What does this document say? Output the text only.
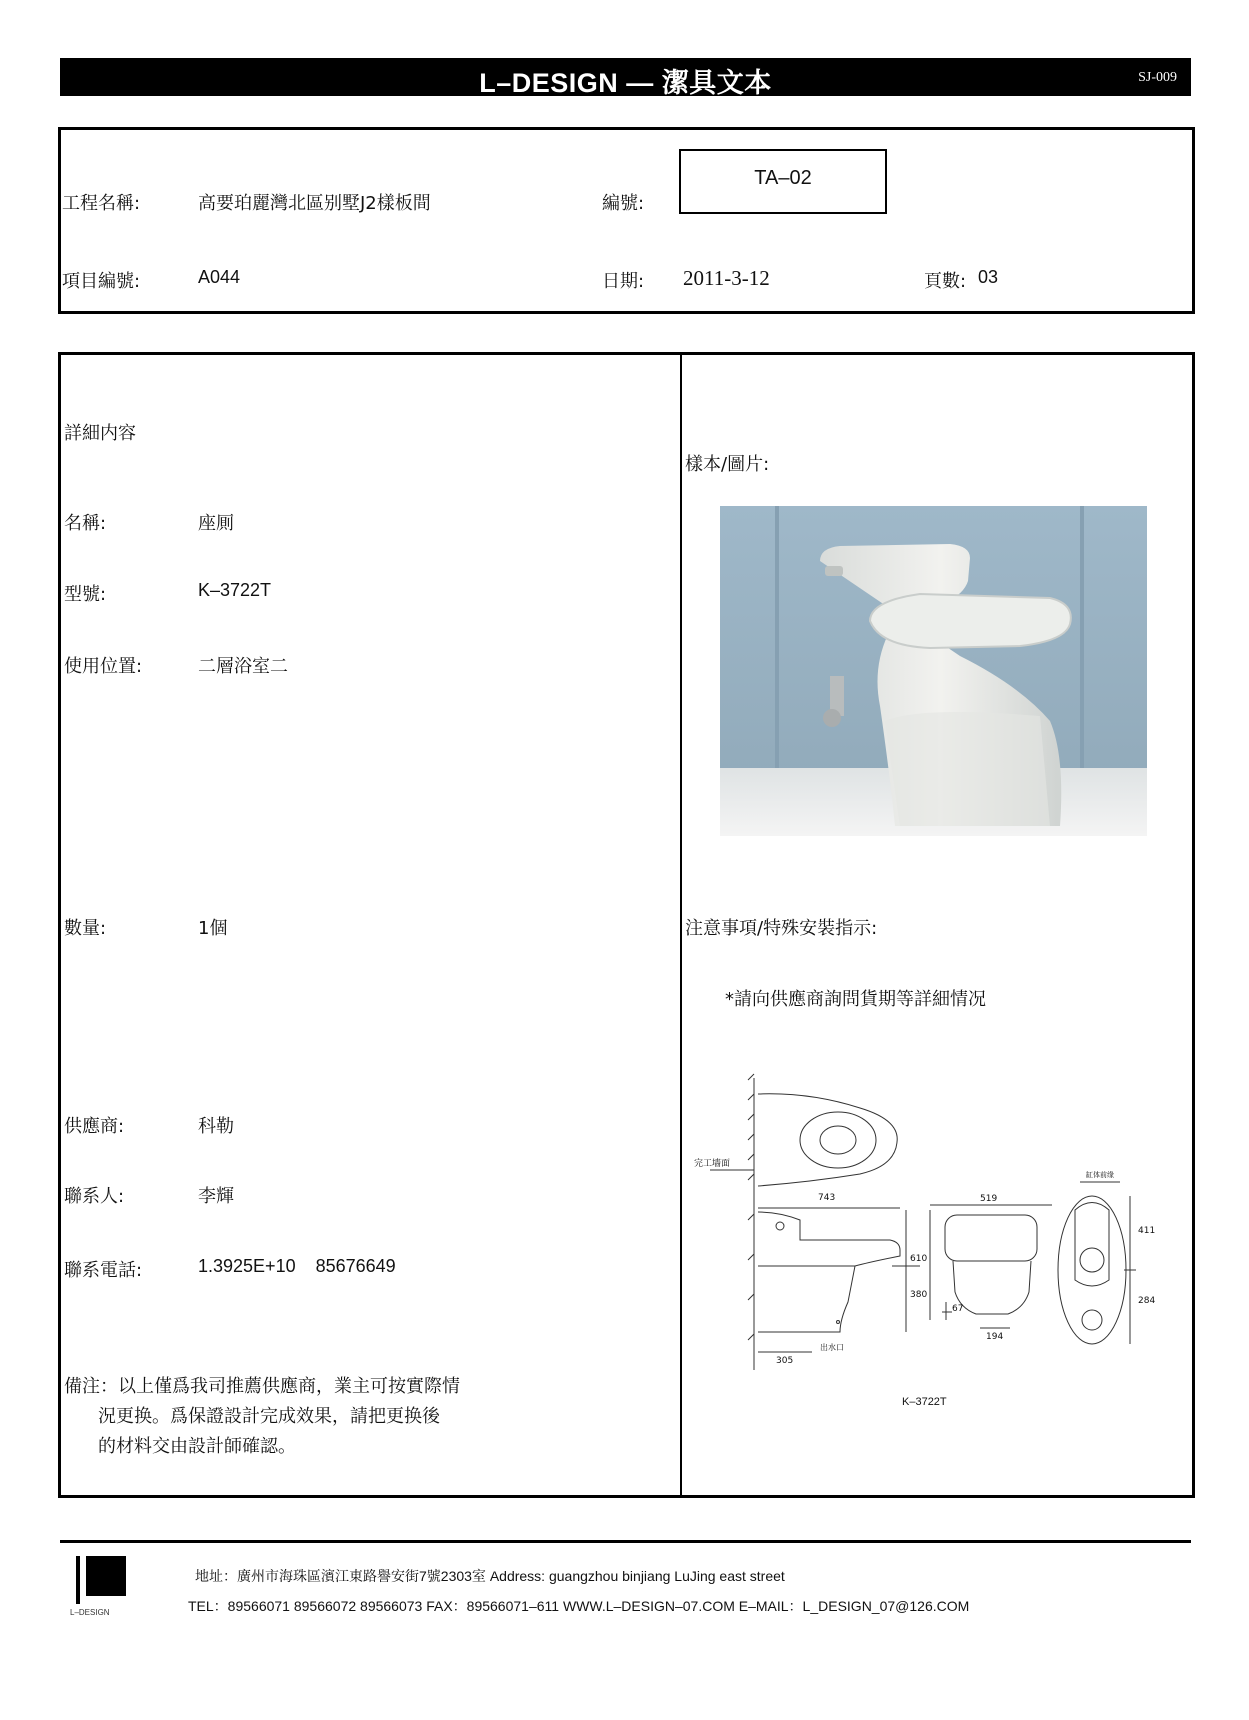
L–DESIGN — 潔具文本	SJ-009
工程名稱:	高要珀麗灣北區别墅J2樣板間	編號:
TA–02
項目編號:	A044	日期: 2011-3-12	頁數: 03
詳細内容
名稱:	座厠
型號:	K–3722T
使用位置:	二層浴室二
數量:	1個
供應商:	科勒
聯系人:	李輝
聯系電話:	1.3925E+10    85676649
備注：以上僅爲我司推薦供應商，業主可按實際情
況更换。爲保證設計完成效果，請把更换後
的材料交由設計師確認。
樣本/圖片:
注意事項/特殊安裝指示:
*請向供應商詢問貨期等詳細情况
完工墻面
743	519
610
380
67
194
305
出水口
缸体前缘
411
284
K–3722T
L–DESIGN
地址：廣州市海珠區濱江東路譽安街7號2303室 Address: guangzhou binjiang LuJing east street
TEL：89566071 89566072 89566073 FAX：89566071–611 WWW.L–DESIGN–07.COM E–MAIL：L_DESIGN_07@126.COM
